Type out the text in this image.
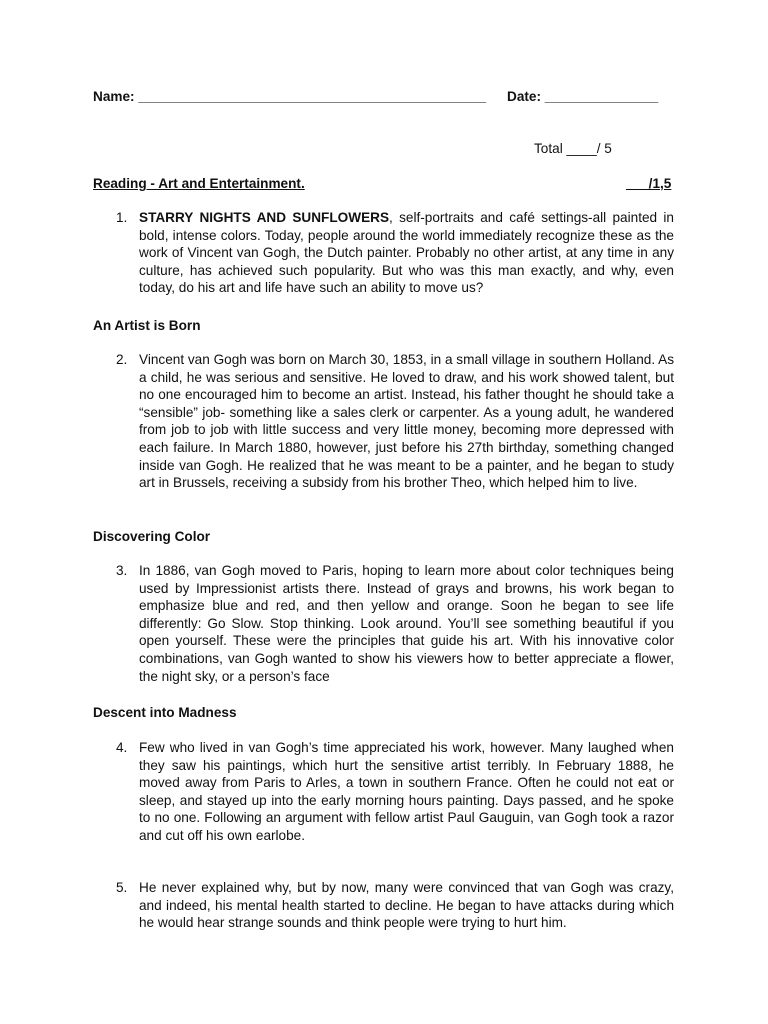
Name: ______________________________________________ Date: _______________
Total ____/ 5
Reading - Art and Entertainment.	___/1,5
1. STARRY NIGHTS AND SUNFLOWERS, self-portraits and café settings-all painted in bold, intense colors. Today, people around the world immediately recognize these as the work of Vincent van Gogh, the Dutch painter. Probably no other artist, at any time in any culture, has achieved such popularity. But who was this man exactly, and why, even today, do his art and life have such an ability to move us?
An Artist is Born
2. Vincent van Gogh was born on March 30, 1853, in a small village in southern Holland. As a child, he was serious and sensitive. He loved to draw, and his work showed talent, but no one encouraged him to become an artist. Instead, his father thought he should take a “sensible” job- something like a sales clerk or carpenter. As a young adult, he wandered from job to job with little success and very little money, becoming more depressed with each failure. In March 1880, however, just before his 27th birthday, something changed inside van Gogh. He realized that he was meant to be a painter, and he began to study art in Brussels, receiving a subsidy from his brother Theo, which helped him to live.
Discovering Color
3. In 1886, van Gogh moved to Paris, hoping to learn more about color techniques being used by Impressionist artists there. Instead of grays and browns, his work began to emphasize blue and red, and then yellow and orange. Soon he began to see life differently: Go Slow. Stop thinking. Look around. You’ll see something beautiful if you open yourself. These were the principles that guide his art. With his innovative color combinations, van Gogh wanted to show his viewers how to better appreciate a flower, the night sky, or a person’s face
Descent into Madness
4. Few who lived in van Gogh’s time appreciated his work, however. Many laughed when they saw his paintings, which hurt the sensitive artist terribly. In February 1888, he moved away from Paris to Arles, a town in southern France. Often he could not eat or sleep, and stayed up into the early morning hours painting. Days passed, and he spoke to no one. Following an argument with fellow artist Paul Gauguin, van Gogh took a razor and cut off his own earlobe.
5. He never explained why, but by now, many were convinced that van Gogh was crazy, and indeed, his mental health started to decline. He began to have attacks during which he would hear strange sounds and think people were trying to hurt him.
